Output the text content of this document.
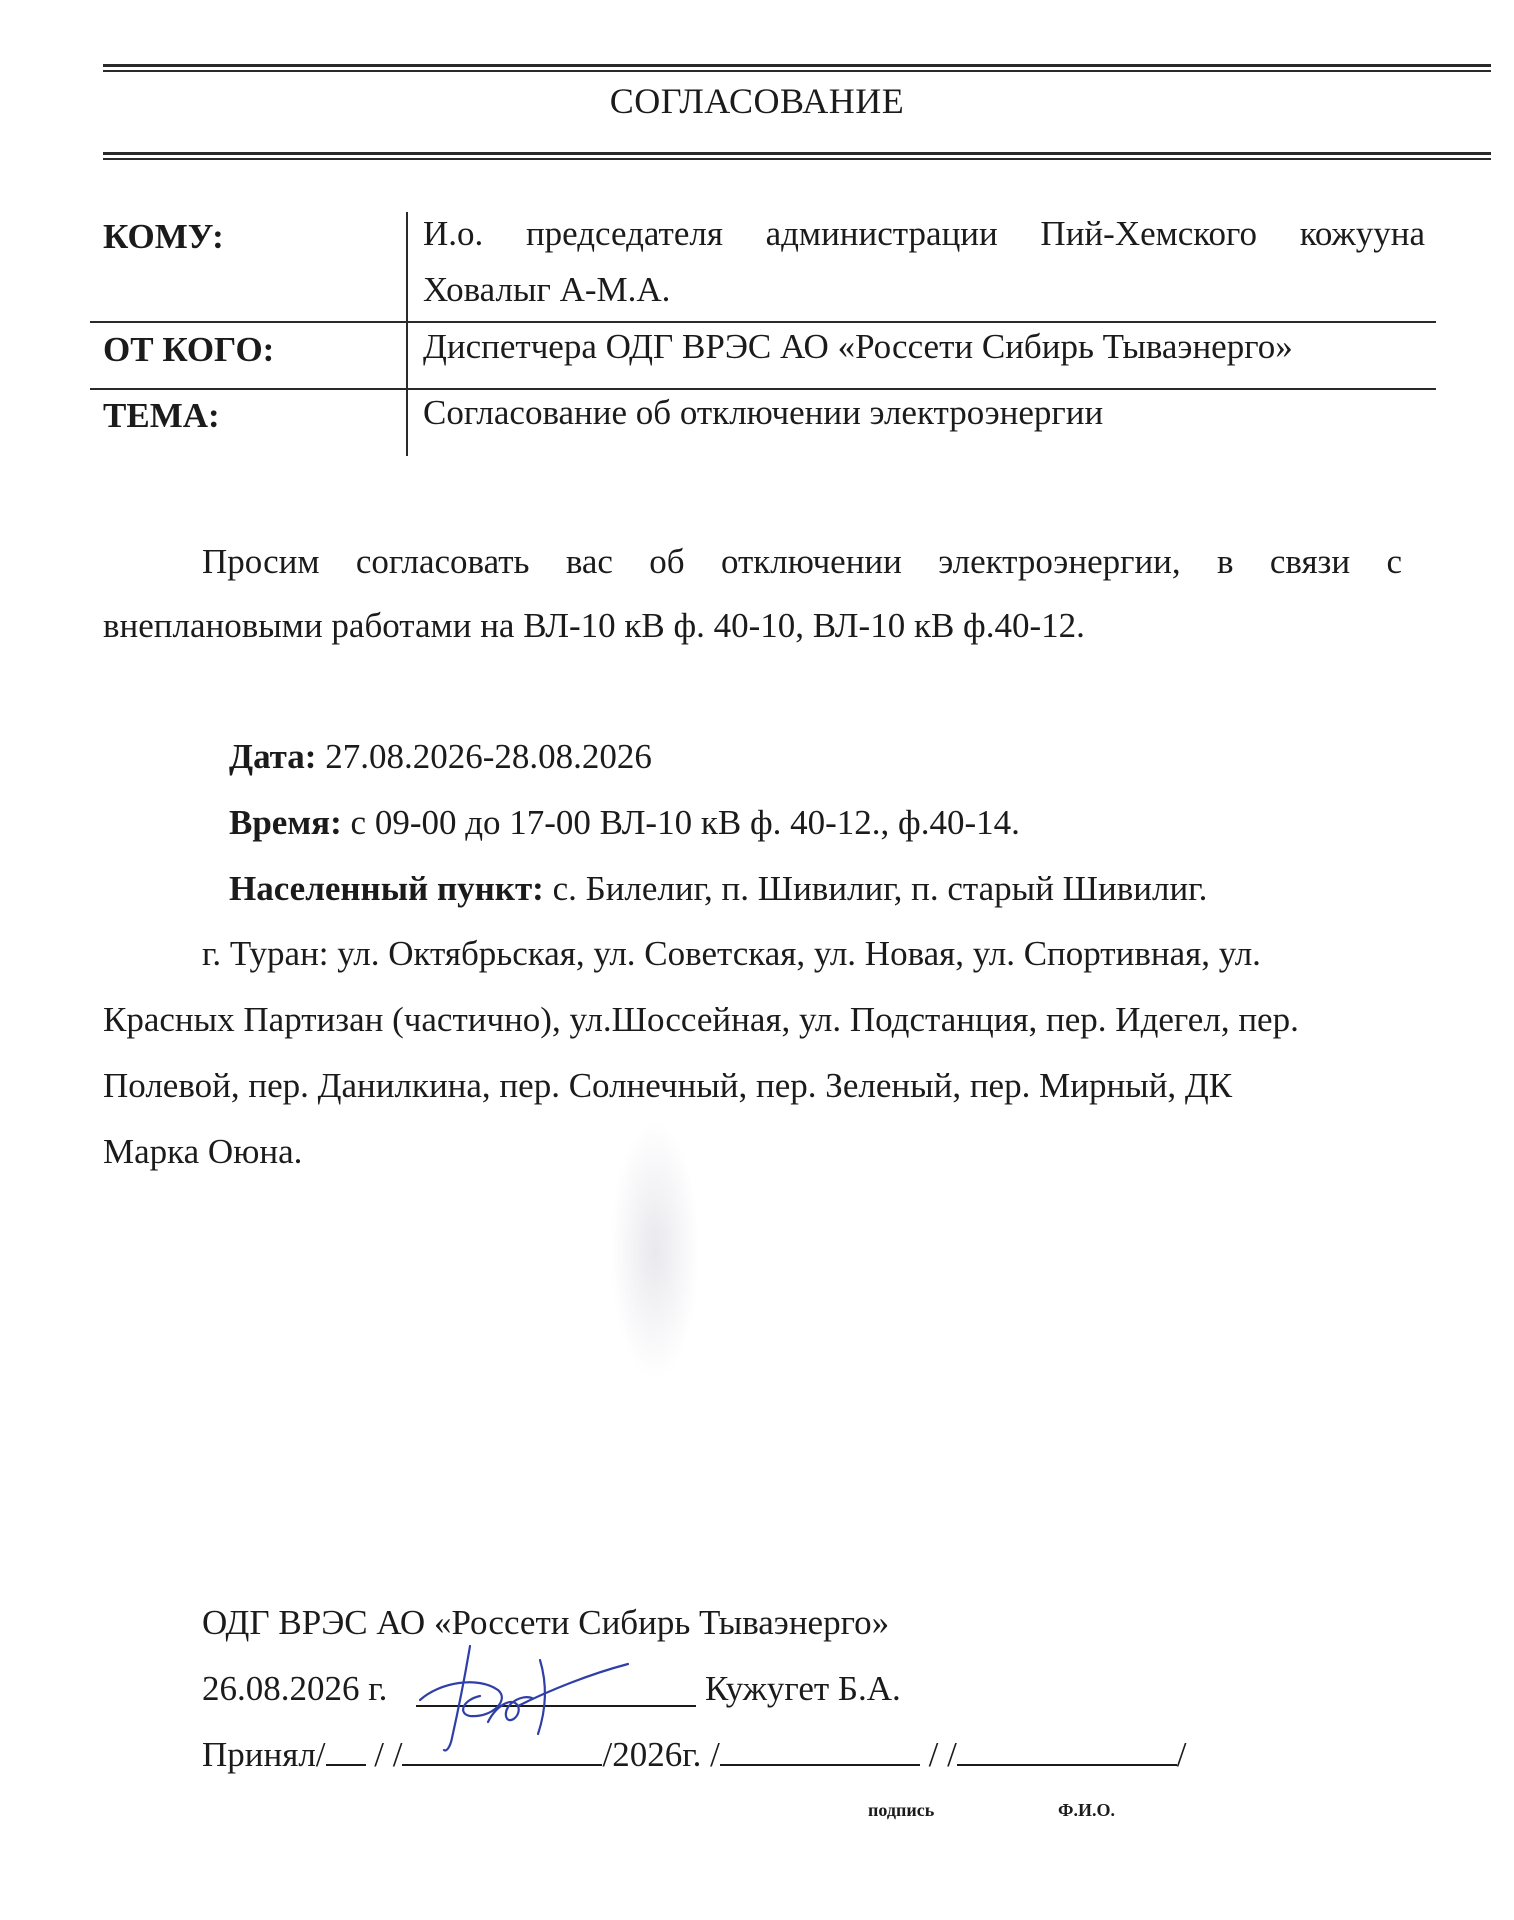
СОГЛАСОВАНИЕ
КОМУ:	И.о. председателя администрации Пий-Хемского кожууна
Ховалыг А-М.А.
ОТ КОГО:	Диспетчера ОДГ ВРЭС АО «Россети Сибирь Тываэнерго»
ТЕМА:	Согласование об отключении электроэнергии
Просим согласовать вас об отключении электроэнергии, в связи с
внеплановыми работами на ВЛ-10 кВ ф. 40-10, ВЛ-10 кВ ф.40-12.
Дата: 27.08.2026-28.08.2026
Время: с 09-00 до 17-00 ВЛ-10 кВ ф. 40-12., ф.40-14.
Населенный пункт: с. Билелиг, п. Шивилиг, п. старый Шивилиг.
г. Туран: ул. Октябрьская, ул. Советская, ул. Новая, ул. Спортивная, ул.
Красных Партизан (частично), ул.Шоссейная, ул. Подстанция, пер. Идегел, пер.
Полевой, пер. Данилкина, пер. Солнечный, пер. Зеленый, пер. Мирный, ДК
Марка Оюна.
ОДГ ВРЭС АО «Россети Сибирь Тываэнерго»
26.08.2026 г.	Кужугет Б.А.
Принял/ / /	/2026г. /	/ /	/
подпись	Ф.И.О.
